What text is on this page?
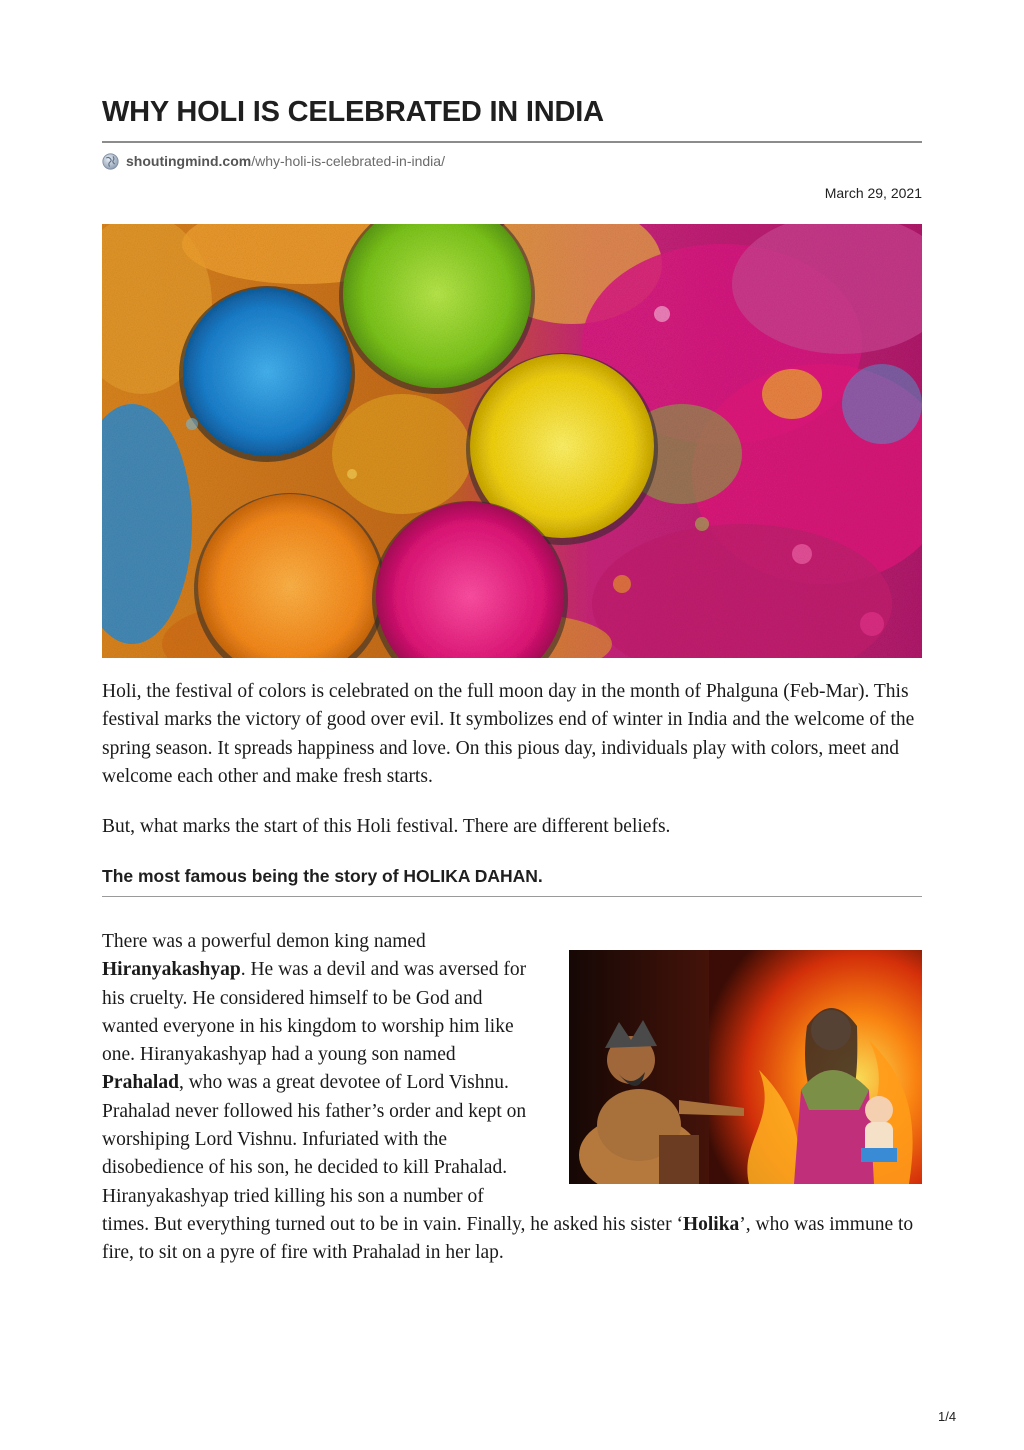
WHY HOLI IS CELEBRATED IN INDIA
shoutingmind.com /why-holi-is-celebrated-in-india/
March 29, 2021

Holi, the festival of colors is celebrated on the full moon day in the month of Phalguna (Feb-Mar). This festival marks the victory of good over evil. It symbolizes end of winter in India and the welcome of the spring season. It spreads happiness and love. On this pious day, individuals play with colors, meet and welcome each other and make fresh starts.

But, what marks the start of this Holi festival. There are different beliefs.

The most famous being the story of HOLIKA DAHAN.
There was a powerful demon king named Hiranyakashyap. He was a devil and was aversed for his cruelty. He considered himself to be God and wanted everyone in his kingdom to worship him like one. Hiranyakashyap had a young son named Prahalad, who was a great devotee of Lord Vishnu. Prahalad never followed his father’s order and kept on worshiping Lord Vishnu. Infuriated with the disobedience of his son, he decided to kill Prahalad. Hiranyakashyap tried killing his son a number of times. But everything turned out to be in vain. Finally, he asked his sister ‘Holika’, who was immune to fire, to sit on a pyre of fire with Prahalad in her lap.
1/4
